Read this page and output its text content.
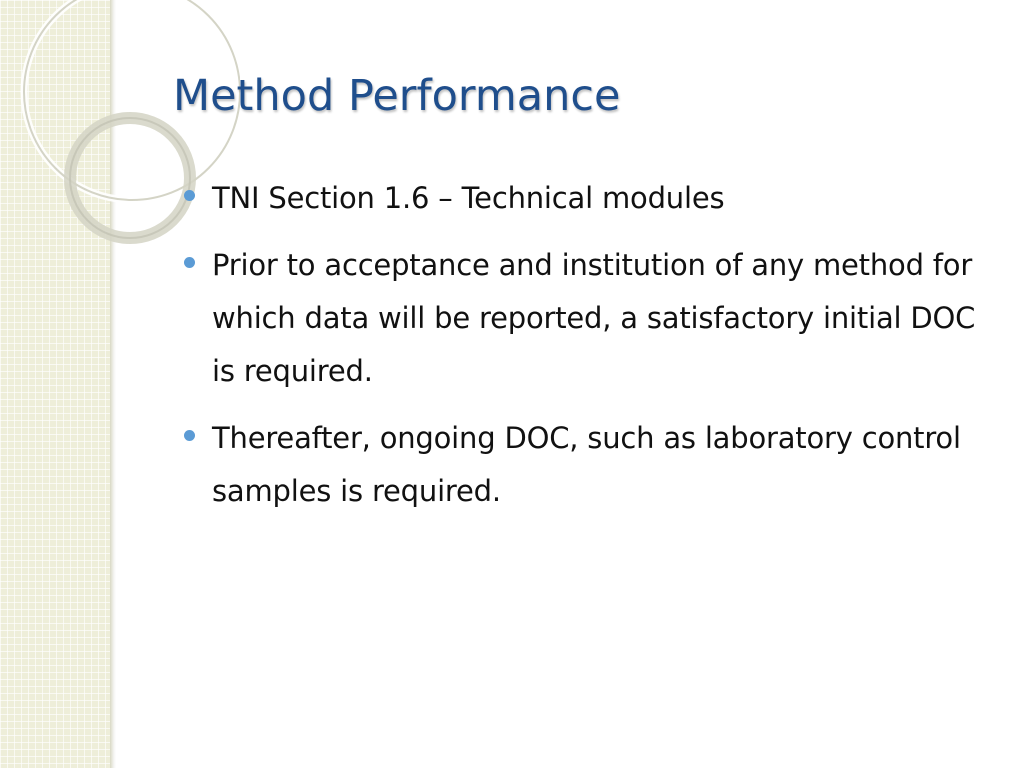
Method Performance
TNI Section 1.6 – Technical modules
Prior to acceptance and institution of any method for which data will be reported, a satisfactory initial DOC is required.
Thereafter, ongoing DOC, such as laboratory control samples is required.
